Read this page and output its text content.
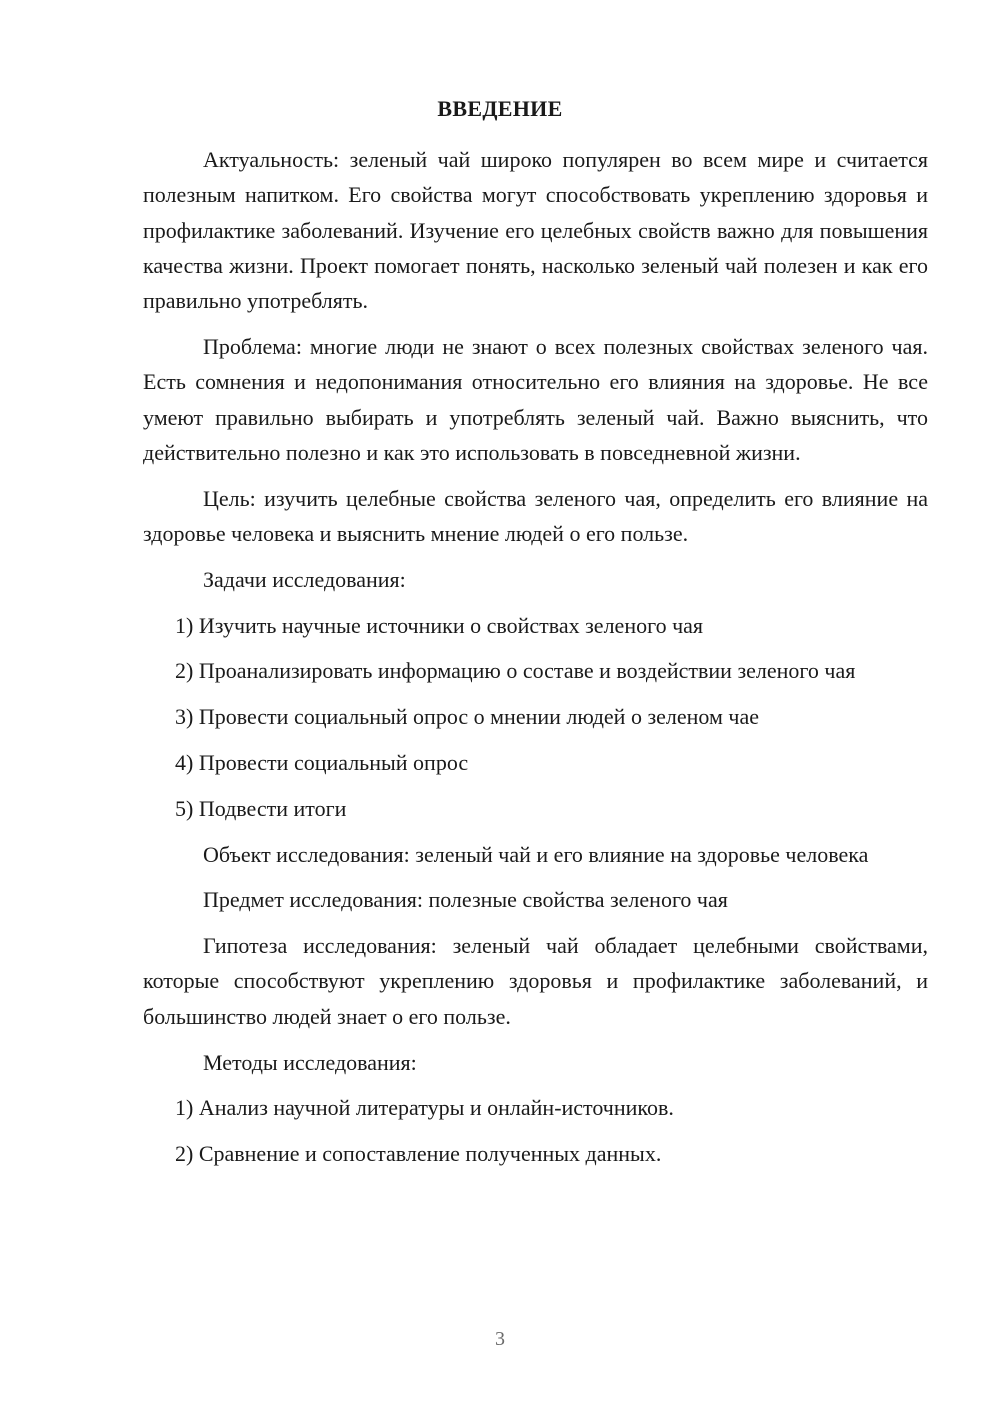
ВВЕДЕНИЕ

Актуальность: зеленый чай широко популярен во всем мире и считается полезным напитком. Его свойства могут способствовать укреплению здоровья и профилактике заболеваний. Изучение его целебных свойств важно для повышения качества жизни. Проект помогает понять, насколько зеленый чай полезен и как его правильно употреблять.

Проблема: многие люди не знают о всех полезных свойствах зеленого чая. Есть сомнения и недопонимания относительно его влияния на здоровье. Не все умеют правильно выбирать и употреблять зеленый чай. Важно выяснить, что действительно полезно и как это использовать в повседневной жизни.

Цель: изучить целебные свойства зеленого чая, определить его влияние на здоровье человека и выяснить мнение людей о его пользе.

Задачи исследования:

1) Изучить научные источники о свойствах зеленого чая

2) Проанализировать информацию о составе и воздействии зеленого чая

3) Провести социальный опрос о мнении людей о зеленом чае

4) Провести социальный опрос

5) Подвести итоги

Объект исследования: зеленый чай и его влияние на здоровье человека

Предмет исследования: полезные свойства зеленого чая

Гипотеза исследования: зеленый чай обладает целебными свойствами, которые способствуют укреплению здоровья и профилактике заболеваний, и большинство людей знает о его пользе.

Методы исследования:

1) Анализ научной литературы и онлайн-источников.

2) Сравнение и сопоставление полученных данных.

3
